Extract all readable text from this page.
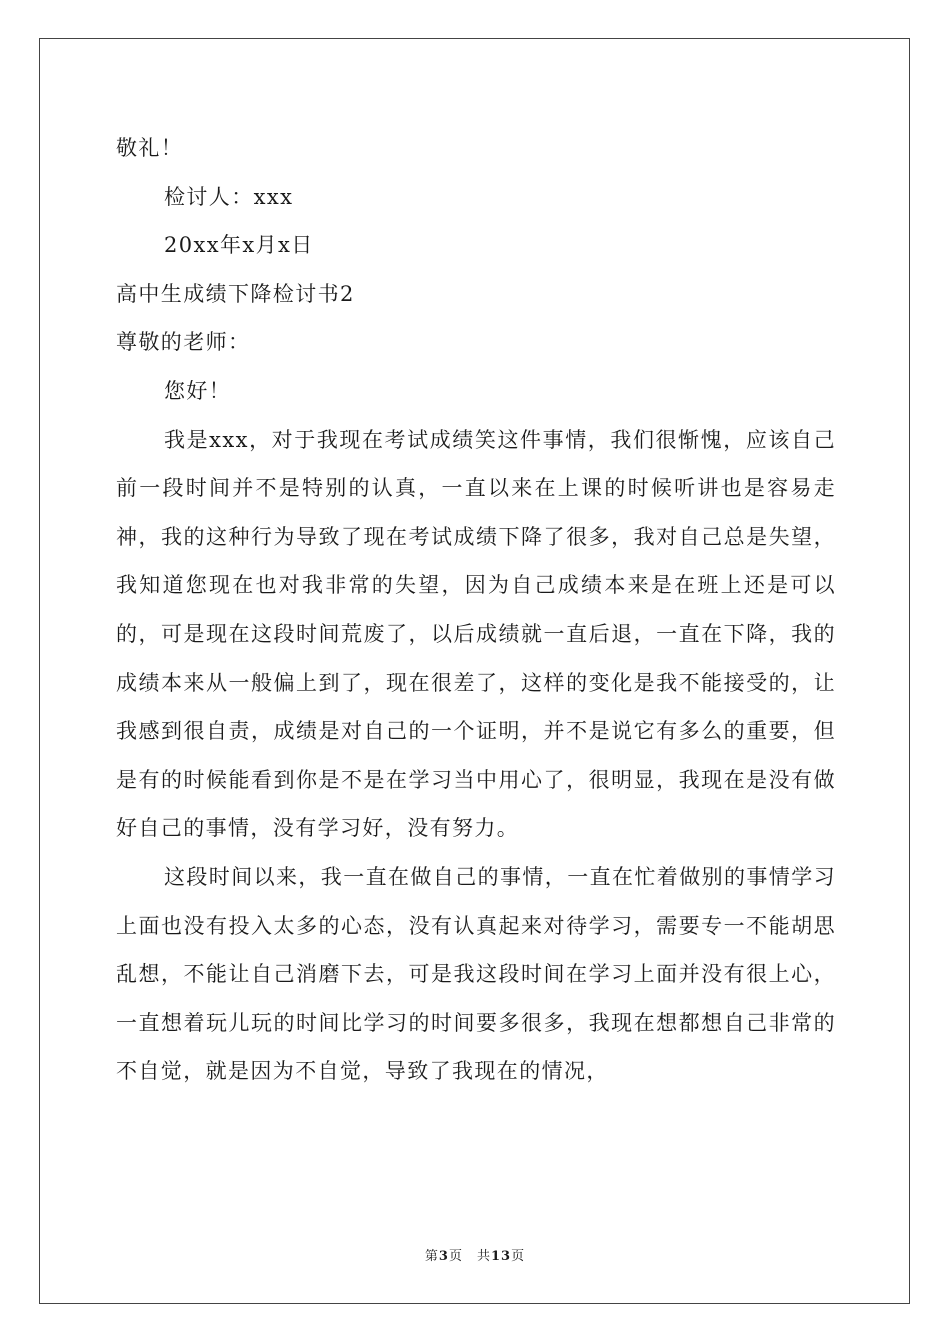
敬礼！
检讨人：xxx
20xx年x月x日
高中生成绩下降检讨书2
尊敬的老师：
您好！

我是xxx，对于我现在考试成绩笑这件事情，我们很惭愧，应该自己前一段时间并不是特别的认真，一直以来在上课的时候听讲也是容易走神，我的这种行为导致了现在考试成绩下降了很多，我对自己总是失望，我知道您现在也对我非常的失望，因为自己成绩本来是在班上还是可以的，可是现在这段时间荒废了，以后成绩就一直后退，一直在下降，我的成绩本来从一般偏上到了，现在很差了，这样的变化是我不能接受的，让我感到很自责，成绩是对自己的一个证明，并不是说它有多么的重要，但是有的时候能看到你是不是在学习当中用心了，很明显，我现在是没有做好自己的事情，没有学习好，没有努力。

这段时间以来，我一直在做自己的事情，一直在忙着做别的事情学习上面也没有投入太多的心态，没有认真起来对待学习，需要专一不能胡思乱想，不能让自己消磨下去，可是我这段时间在学习上面并没有很上心，一直想着玩儿玩的时间比学习的时间要多很多，我现在想都想自己非常的不自觉，就是因为不自觉，导致了我现在的情况，

第3页　共13页
